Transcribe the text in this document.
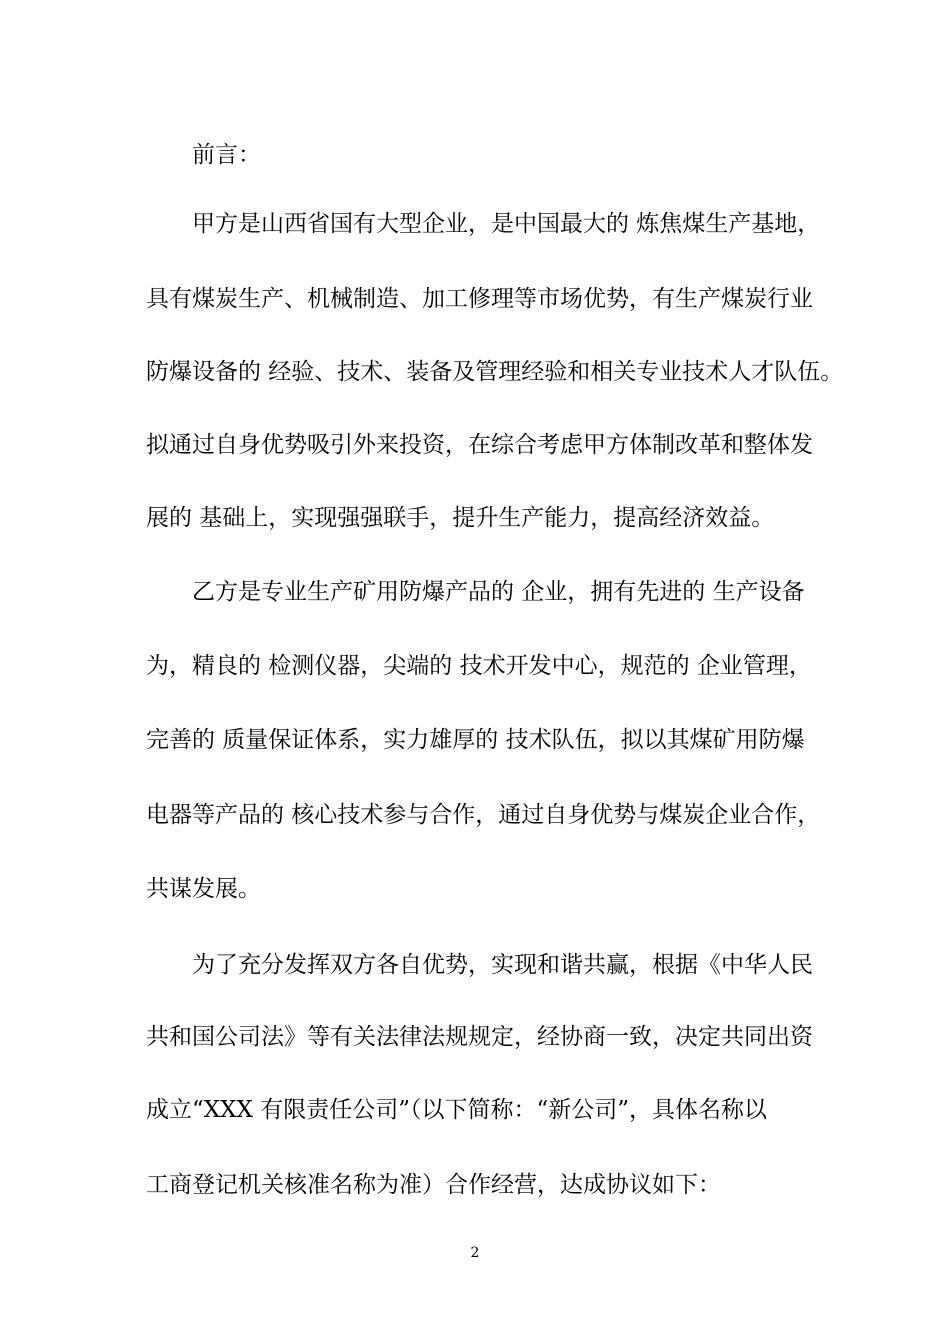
前言：
甲方是山西省国有大型企业，是中国最大的 炼焦煤生产基地，
具有煤炭生产、机械制造、加工修理等市场优势，有生产煤炭行业
防爆设备的 经验、技术、装备及管理经验和相关专业技术人才队伍。
拟通过自身优势吸引外来投资，在综合考虑甲方体制改革和整体发
展的 基础上，实现强强联手，提升生产能力，提高经济效益。
乙方是专业生产矿用防爆产品的 企业，拥有先进的 生产设备
为，精良的 检测仪器，尖端的 技术开发中心，规范的 企业管理，
完善的 质量保证体系，实力雄厚的 技术队伍，拟以其煤矿用防爆
电器等产品的 核心技术参与合作，通过自身优势与煤炭企业合作，
共谋发展。
为了充分发挥双方各自优势，实现和谐共赢，根据《中华人民
共和国公司法》等有关法律法规规定，经协商一致，决定共同出资
成立“XXX 有限责任公司”（以下简称：“新公司”，具体名称以
工商登记机关核准名称为准）合作经营，达成协议如下：
2
